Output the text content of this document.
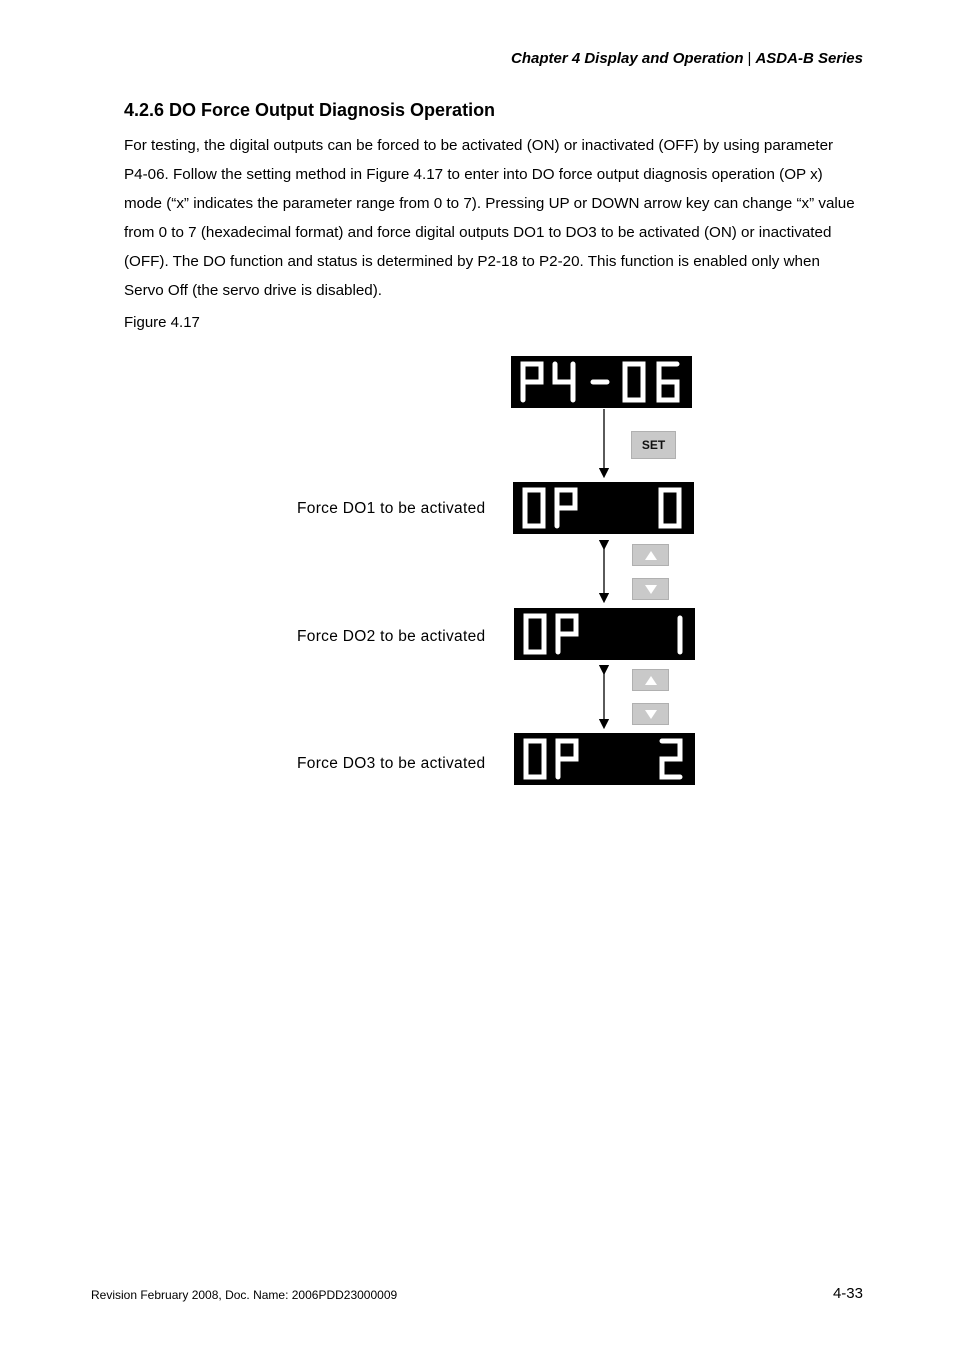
Chapter 4 Display and Operation | ASDA-B Series
4.2.6 DO Force Output Diagnosis Operation

For testing, the digital outputs can be forced to be activated (ON) or inactivated (OFF) by using parameter P4-06. Follow the setting method in Figure 4.17 to enter into DO force output diagnosis operation (OP x) mode (“x” indicates the parameter range from 0 to 7). Pressing UP or DOWN arrow key can change “x” value from 0 to 7 (hexadecimal format) and force digital outputs DO1 to DO3 to be activated (ON) or inactivated (OFF). The DO function and status is determined by P2-18 to P2-20. This function is enabled only when Servo Off (the servo drive is disabled).

Figure 4.17
SET
Force DO1 to be activated
Force DO2 to be activated
Force DO3 to be activated
Revision February 2008, Doc. Name: 2006PDD23000009	4-33
